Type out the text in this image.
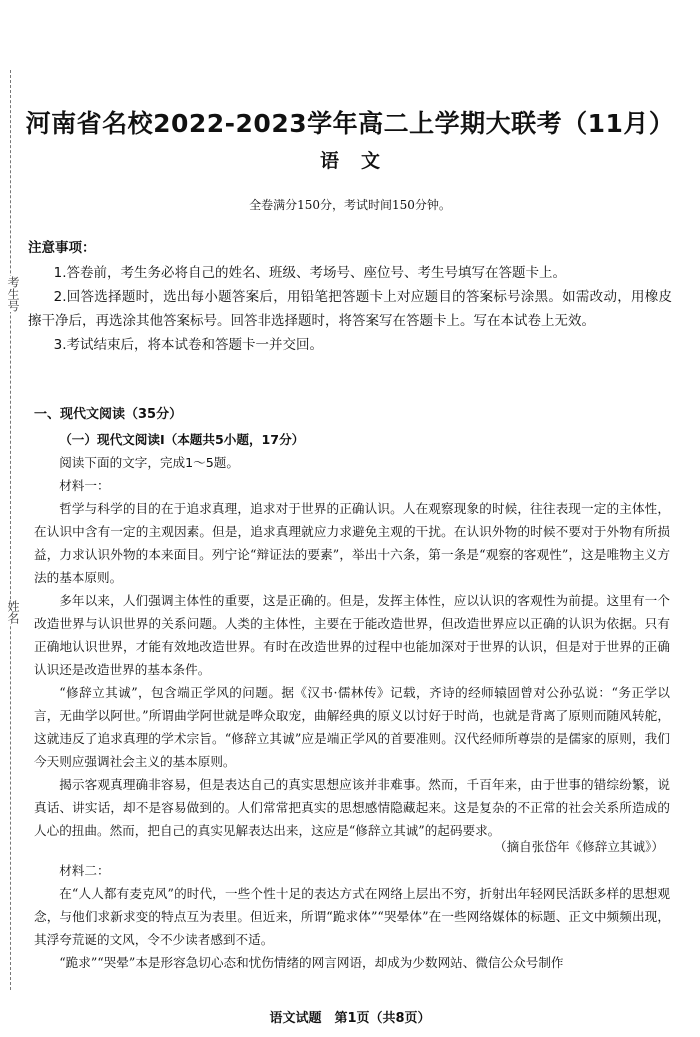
考生号
姓名
河南省名校2022-2023学年高二上学期大联考（11月）
语文
全卷满分150分，考试时间150分钟。
注意事项：

1.答卷前，考生务必将自己的姓名、班级、考场号、座位号、考生号填写在答题卡上。

2.回答选择题时，选出每小题答案后，用铅笔把答题卡上对应题目的答案标号涂黑。如需改动，用橡皮擦干净后，再选涂其他答案标号。回答非选择题时，将答案写在答题卡上。写在本试卷上无效。

3.考试结束后，将本试卷和答题卡一并交回。

一、现代文阅读（35分）

（一）现代文阅读Ⅰ（本题共5小题，17分）

阅读下面的文字，完成1～5题。

材料一：

哲学与科学的目的在于追求真理，追求对于世界的正确认识。人在观察现象的时候，往往表现一定的主体性，在认识中含有一定的主观因素。但是，追求真理就应力求避免主观的干扰。在认识外物的时候不要对于外物有所损益，力求认识外物的本来面目。列宁论“辩证法的要素”，举出十六条，第一条是“观察的客观性”，这是唯物主义方法的基本原则。

多年以来，人们强调主体性的重要，这是正确的。但是，发挥主体性，应以认识的客观性为前提。这里有一个改造世界与认识世界的关系问题。人类的主体性，主要在于能改造世界，但改造世界应以正确的认识为依据。只有正确地认识世界，才能有效地改造世界。有时在改造世界的过程中也能加深对于世界的认识，但是对于世界的正确认识还是改造世界的基本条件。

“修辞立其诚”，包含端正学风的问题。据《汉书·儒林传》记载，齐诗的经师辕固曾对公孙弘说：“务正学以言，无曲学以阿世。”所谓曲学阿世就是哗众取宠，曲解经典的原义以讨好于时尚，也就是背离了原则而随风转舵，这就违反了追求真理的学术宗旨。“修辞立其诚”应是端正学风的首要准则。汉代经师所尊崇的是儒家的原则，我们今天则应强调社会主义的基本原则。

揭示客观真理确非容易，但是表达自己的真实思想应该并非难事。然而，千百年来，由于世事的错综纷繁，说真话、讲实话，却不是容易做到的。人们常常把真实的思想感情隐藏起来。这是复杂的不正常的社会关系所造成的人心的扭曲。然而，把自己的真实见解表达出来，这应是“修辞立其诚”的起码要求。

（摘自张岱年《修辞立其诚》）

材料二：

在“人人都有麦克风”的时代，一些个性十足的表达方式在网络上层出不穷，折射出年轻网民活跃多样的思想观念，与他们求新求变的特点互为表里。但近来，所谓“跪求体”“哭晕体”在一些网络媒体的标题、正文中频频出现，其浮夸荒诞的文风，令不少读者感到不适。

“跪求”“哭晕”本是形容急切心态和忧伤情绪的网言网语，却成为少数网站、微信公众号制作

语文试题　第1页（共8页）
